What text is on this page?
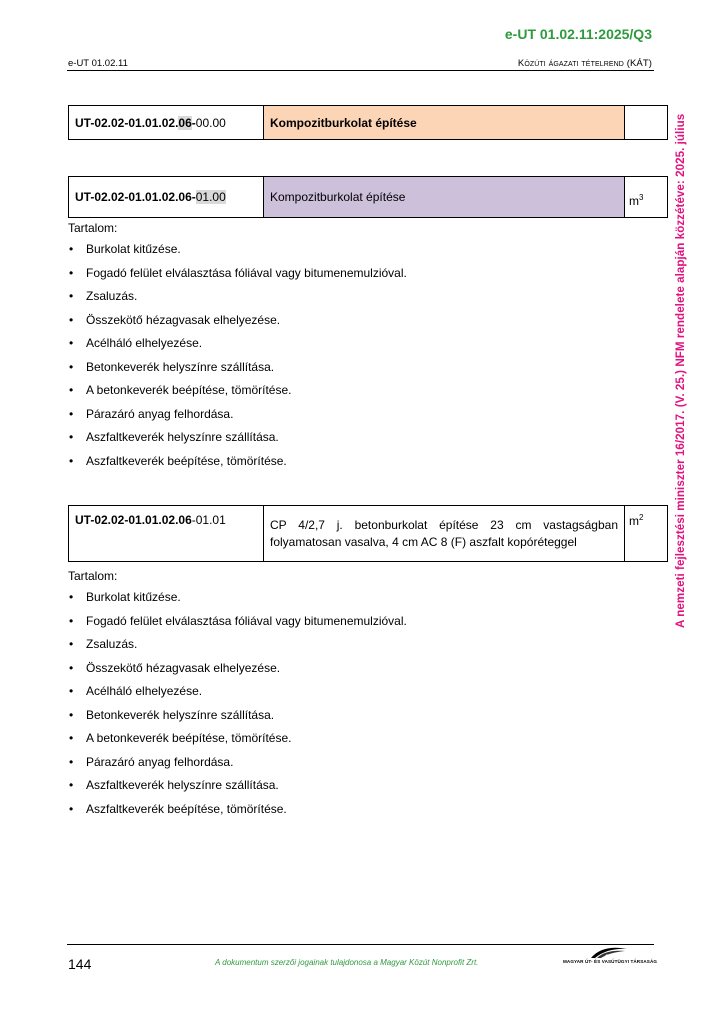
e-UT 01.02.11:2025/Q3
e-UT 01.02.11	Közúti ágazati tételrend (KÁT)
A nemzeti fejlesztési miniszter 16/2017. (V. 25.) NFM rendelete alapján közzétéve: 2025. július
UT-02.02-01.01.02.06-00.00	Kompozitburkolat építése	
UT-02.02-01.01.02.06-01.00	Kompozitburkolat építése	$m^3$
Tartalom:
• Burkolat kitűzése.
• Fogadó felület elválasztása fóliával vagy bitumenemulzióval.
• Zsaluzás.
• Összekötő hézagvasak elhelyezése.
• Acélháló elhelyezése.
• Betonkeverék helyszínre szállítása.
• A betonkeverék beépítése, tömörítése.
• Párazáró anyag felhordása.
• Aszfaltkeverék helyszínre szállítása.
• Aszfaltkeverék beépítése, tömörítése.
UT-02.02-01.01.02.06-01.01	CP 4/2,7 j. betonburkolat építése 23 cm vastagságban folyamatosan vasalva, 4 cm AC 8 (F) aszfalt kopóréteggel	$m^2$
Tartalom:
• Burkolat kitűzése.
• Fogadó felület elválasztása fóliával vagy bitumenemulzióval.
• Zsaluzás.
• Összekötő hézagvasak elhelyezése.
• Acélháló elhelyezése.
• Betonkeverék helyszínre szállítása.
• A betonkeverék beépítése, tömörítése.
• Párazáró anyag felhordása.
• Aszfaltkeverék helyszínre szállítása.
• Aszfaltkeverék beépítése, tömörítése.
144	A dokumentum szerzői jogainak tulajdonosa a Magyar Közút Nonprofit Zrt.	MAGYAR ÚT- ÉS VASÚTÜGYI TÁRSASÁG
